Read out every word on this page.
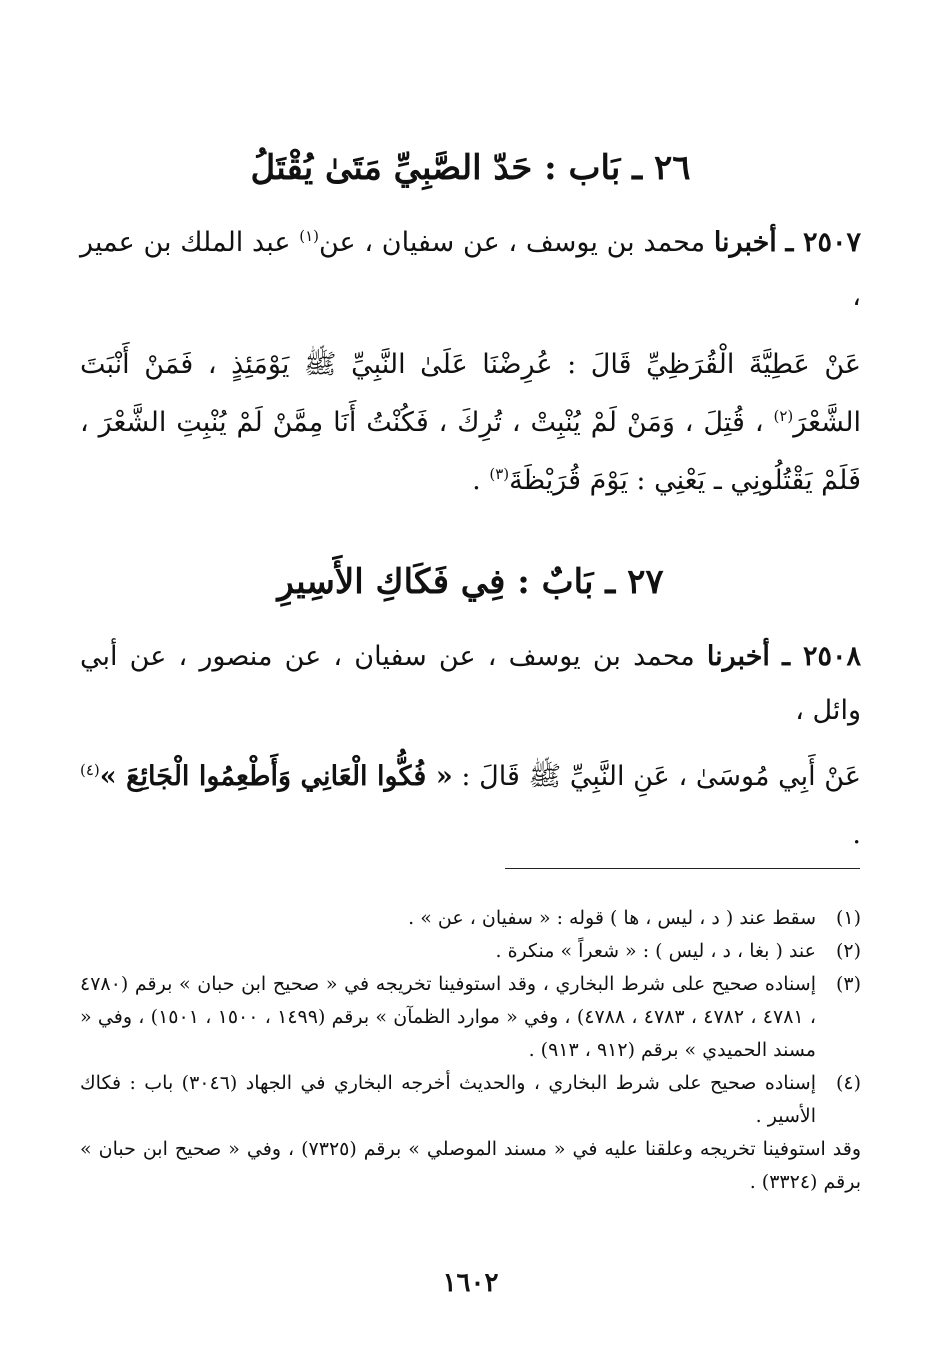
٢٦ ـ بَاب : حَدّ الصَّبِيِّ مَتَىٰ يُقْتَلُ
٢٥٠٧ ـ أخبرنا محمد بن يوسف ، عن سفيان ، عن$^{(١)}$ عبد الملك بن عمير ،
عَنْ عَطِيَّةَ الْقُرَظِيِّ قَالَ : عُرِضْنَا عَلَىٰ النَّبِيِّ ﷺ يَوْمَئِذٍ ، فَمَنْ أَنْبَتَ الشَّعْرَ$^{(٢)}$ ، قُتِلَ ، وَمَنْ لَمْ يُنْبِتْ ، تُرِكَ ، فَكُنْتُ أَنَا مِمَّنْ لَمْ يُنْبِتِ الشَّعْرَ ، فَلَمْ يَقْتُلُونِي ـ يَعْنِي : يَوْمَ قُرَيْظَةَ$^{(٣)}$ .
٢٧ ـ بَابٌ : فِي فَكَاكِ الأَسِيرِ
٢٥٠٨ ـ أخبرنا محمد بن يوسف ، عن سفيان ، عن منصور ، عن أبي وائل ،
عَنْ أَبِي مُوسَىٰ ، عَنِ النَّبِيِّ ﷺ قَالَ : « فُكُّوا الْعَانِي وَأَطْعِمُوا الْجَائِعَ »$^{(٤)}$ .
(١)
سقط عند ( د ، ليس ، ها ) قوله : « سفيان ، عن » .
(٢)
عند ( بغا ، د ، ليس ) : « شعراً » منكرة .
(٣)
إسناده صحيح على شرط البخاري ، وقد استوفينا تخريجه في « صحيح ابن حبان » برقم (٤٧٨٠ ، ٤٧٨١ ، ٤٧٨٢ ، ٤٧٨٣ ، ٤٧٨٨) ، وفي « موارد الظمآن » برقم (١٤٩٩ ، ١٥٠٠ ، ١٥٠١) ، وفي « مسند الحميدي » برقم (٩١٢ ، ٩١٣) .
(٤)
إسناده صحيح على شرط البخاري ، والحديث أخرجه البخاري في الجهاد (٣٠٤٦) باب : فكاك الأسير .
وقد استوفينا تخريجه وعلقنا عليه في « مسند الموصلي » برقم (٧٣٢٥) ، وفي « صحيح ابن حبان » برقم (٣٣٢٤) .
١٦٠٢
